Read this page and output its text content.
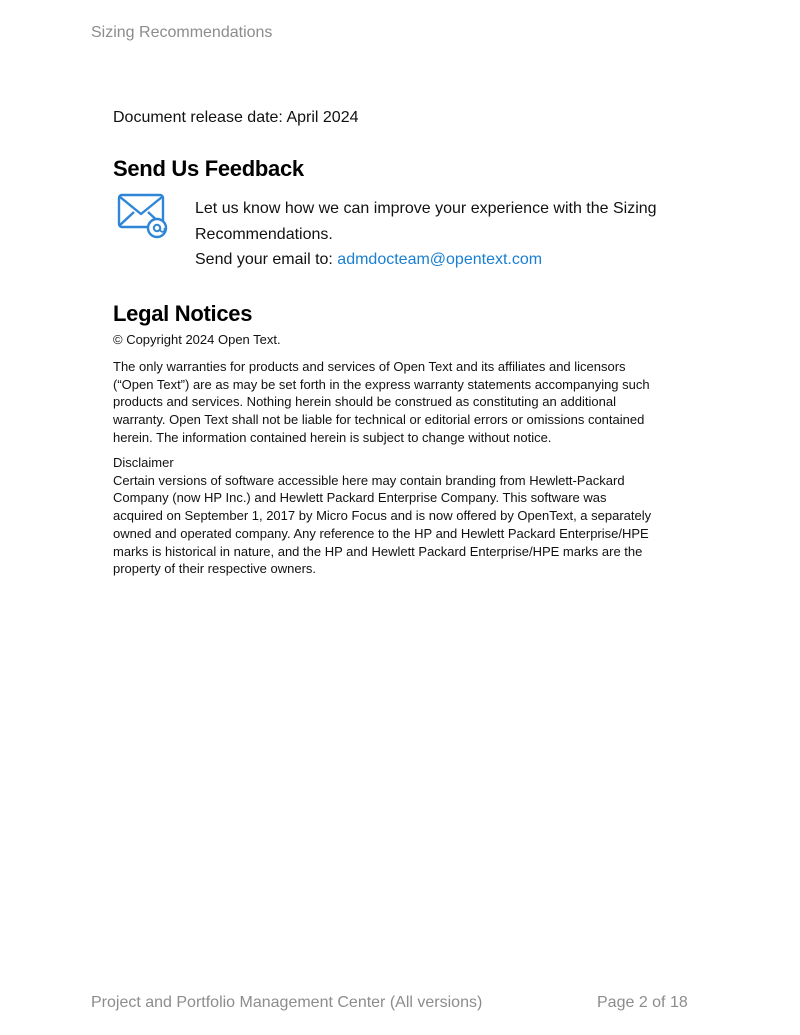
Sizing Recommendations
Document release date: April 2024
Send Us Feedback
Let us know how we can improve your experience with the Sizing
Recommendations.
Send your email to: admdocteam@opentext.com
Legal Notices
© Copyright 2024 Open Text.
The only warranties for products and services of Open Text and its affiliates and licensors
(“Open Text”) are as may be set forth in the express warranty statements accompanying such
products and services. Nothing herein should be construed as constituting an additional
warranty. Open Text shall not be liable for technical or editorial errors or omissions contained
herein. The information contained herein is subject to change without notice.
Disclaimer
Certain versions of software accessible here may contain branding from Hewlett-Packard
Company (now HP Inc.) and Hewlett Packard Enterprise Company. This software was
acquired on September 1, 2017 by Micro Focus and is now offered by OpenText, a separately
owned and operated company. Any reference to the HP and Hewlett Packard Enterprise/HPE
marks is historical in nature, and the HP and Hewlett Packard Enterprise/HPE marks are the
property of their respective owners.
Project and Portfolio Management Center (All versions)	Page 2 of 18
